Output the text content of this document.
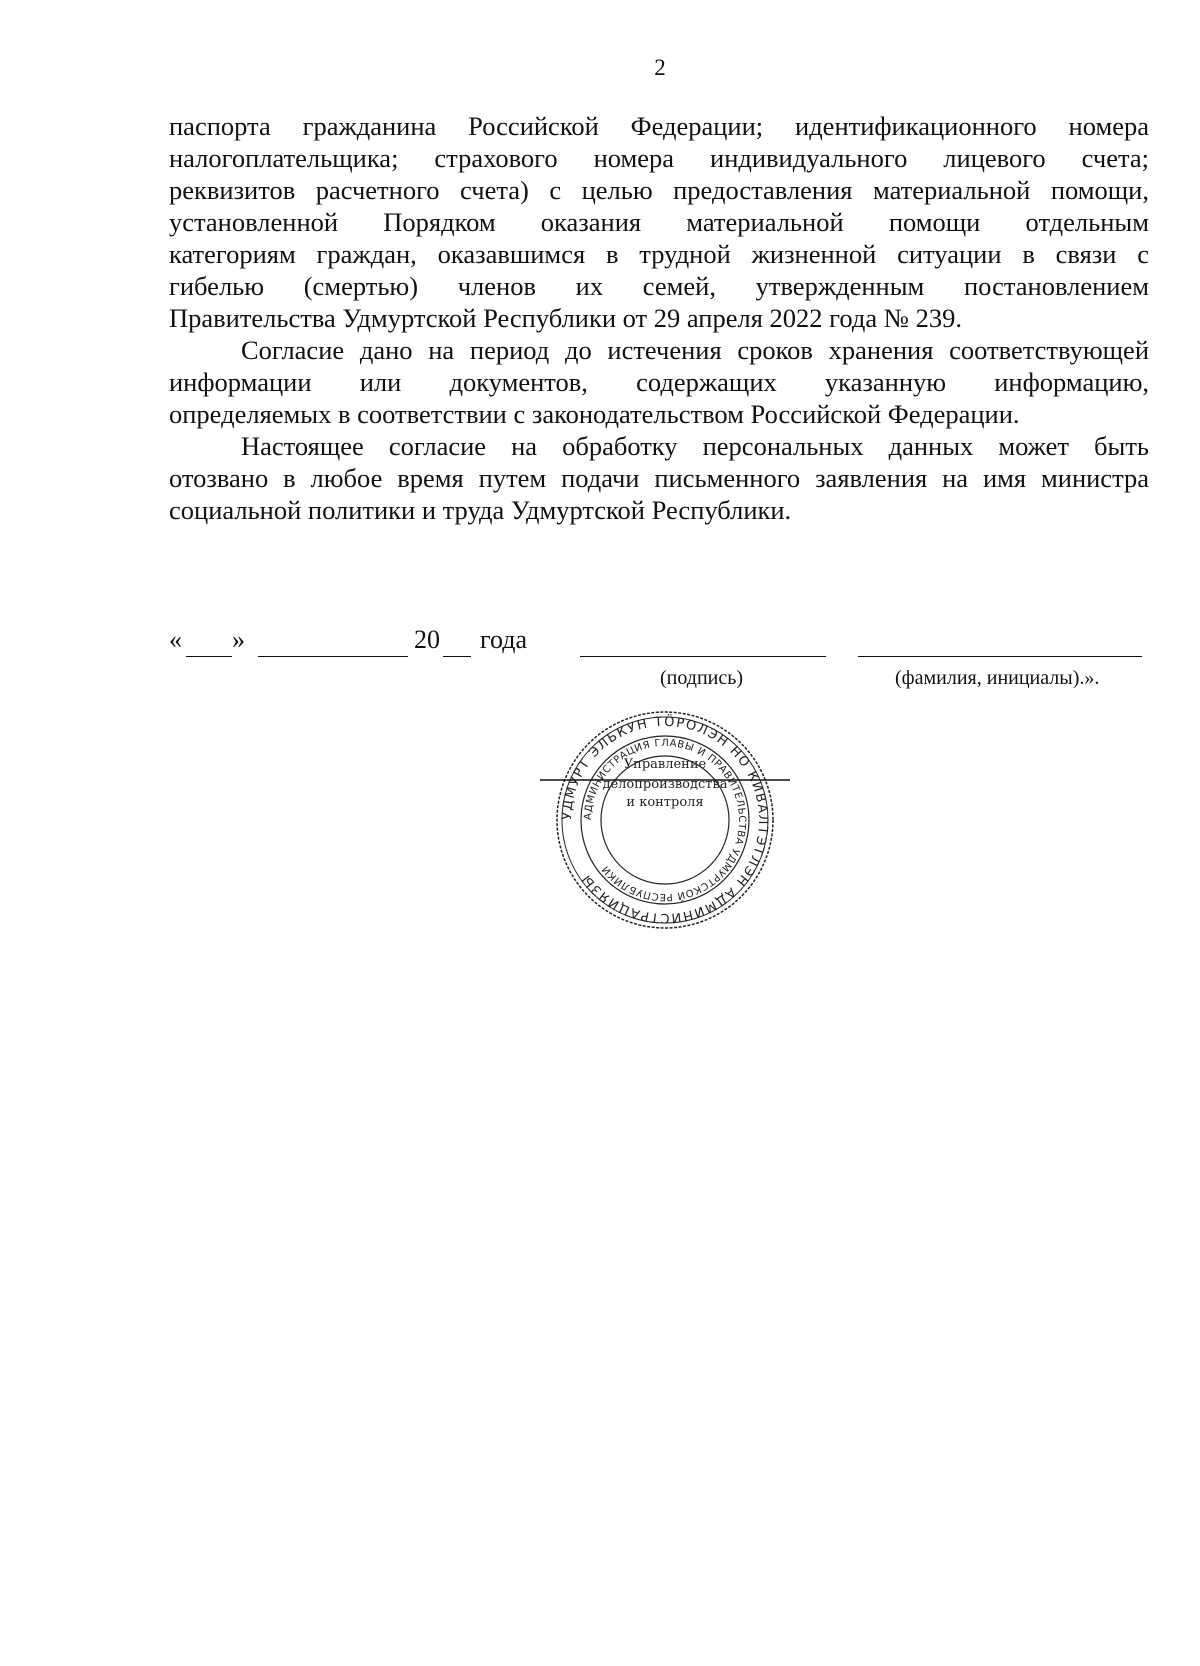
2

паспорта гражданина Российской Федерации; идентификационного номера
налогоплательщика; страхового номера индивидуального лицевого счета;
реквизитов расчетного счета) с целью предоставления материальной помощи,
установленной Порядком оказания материальной помощи отдельным
категориям граждан, оказавшимся в трудной жизненной ситуации в связи с
гибелью (смертью) членов их семей, утвержденным постановлением
Правительства Удмуртской Республики от 29 апреля 2022 года № 239.

Согласие дано на период до истечения сроков хранения соответствующей
информации или документов, содержащих указанную информацию,
определяемых в соответствии с законодательством Российской Федерации.

Настоящее согласие на обработку персональных данных может быть
отозвано в любое время путем подачи письменного заявления на имя министра
социальной политики и труда Удмуртской Республики.

« »	20 года
(подпись)	(фамилия, инициалы).».
УДМУРТ ЭЛЬКУН ТӦРОЛЭН НО КИВАЛТЭТЛЭН АДМИНИСТРАЦИЯЗЫ
АДМИНИСТРАЦИЯ ГЛАВЫ И ПРАВИТЕЛЬСТВА УДМУРТСКОЙ РЕСПУБЛИКИ
Управление
делопроизводства
и контроля
